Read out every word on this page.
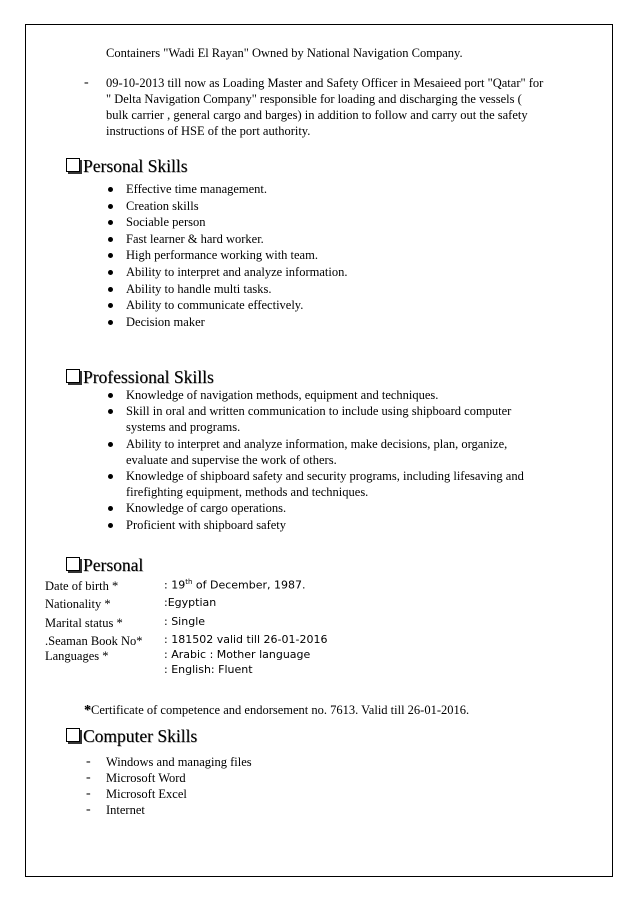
Containers "Wadi El Rayan" Owned by National Navigation Company.
- 09-10-2013 till now as Loading Master and Safety Officer in Mesaieed port "Qatar" for " Delta Navigation Company" responsible for loading and discharging the vessels ( bulk carrier , general cargo and barges) in addition to follow and carry out the safety instructions of HSE of the port authority.
Personal Skills
Effective time management.
Creation skills
Sociable person
Fast learner & hard worker.
High performance working with team.
Ability to interpret and analyze information.
Ability to handle multi tasks.
Ability to communicate effectively.
Decision maker
Professional Skills
Knowledge of navigation methods, equipment and techniques.
Skill in oral and written communication to include using shipboard computer systems and programs.
Ability to interpret and analyze information, make decisions, plan, organize, evaluate and supervise the work of others.
Knowledge of shipboard safety and security programs, including lifesaving and firefighting equipment, methods and techniques.
Knowledge of cargo operations.
Proficient with shipboard safety
Personal
Date of birth *	: 19th of December, 1987.
Nationality *	:Egyptian
Marital status *	: Single
.Seaman Book No* : 181502 valid till 26-01-2016
Languages *	: Arabic : Mother language
: English: Fluent
*Certificate of competence and endorsement no. 7613. Valid till 26-01-2016.
Computer Skills
- Windows and managing files
- Microsoft Word
- Microsoft Excel
- Internet
